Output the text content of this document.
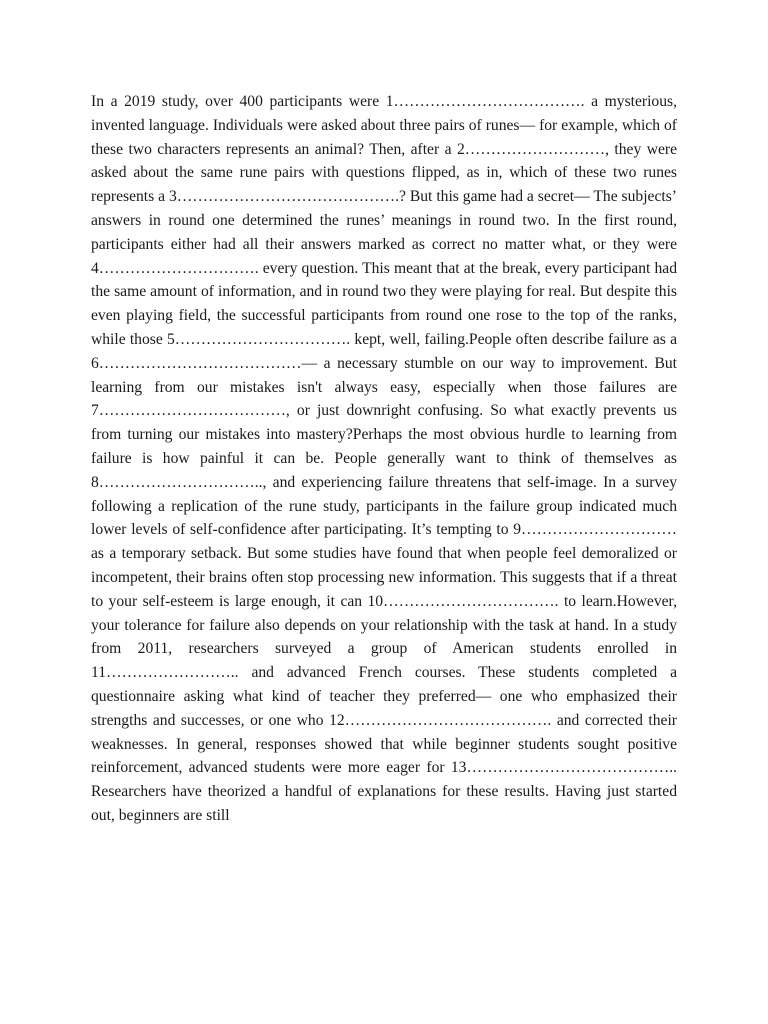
In a 2019 study, over 400 participants were 1………………………………. a mysterious, invented language. Individuals were asked about three pairs of runes— for example, which of these two characters represents an animal? Then, after a 2………………………, they were asked about the same rune pairs with questions flipped, as in, which of these two runes represents a 3…………………………………….? But this game had a secret— The subjects’ answers in round one determined the runes’ meanings in round two. In the first round, participants either had all their answers marked as correct no matter what, or they were 4…………………………. every question. This meant that at the break, every participant had the same amount of information, and in round two they were playing for real. But despite this even playing field, the successful participants from round one rose to the top of the ranks, while those 5……………………………. kept, well, failing.People often describe failure as a 6…………………………………— a necessary stumble on our way to improvement. But learning from our mistakes isn't always easy, especially when those failures are 7………………………………, or just downright confusing. So what exactly prevents us from turning our mistakes into mastery?Perhaps the most obvious hurdle to learning from failure is how painful it can be. People generally want to think of themselves as 8………………………….., and experiencing failure threatens that self-image. In a survey following a replication of the rune study, participants in the failure group indicated much lower levels of self-confidence after participating. It’s tempting to 9………………………… as a temporary setback. But some studies have found that when people feel demoralized or incompetent, their brains often stop processing new information. This suggests that if a threat to your self-esteem is large enough, it can 10……………………………. to learn.However, your tolerance for failure also depends on your relationship with the task at hand. In a study from 2011, researchers surveyed a group of American students enrolled in 11…………………….. and advanced French courses. These students completed a questionnaire asking what kind of teacher they preferred— one who emphasized their strengths and successes, or one who 12…………………………………. and corrected their weaknesses. In general, responses showed that while beginner students sought positive reinforcement, advanced students were more eager for 13………………………………….. Researchers have theorized a handful of explanations for these results. Having just started out, beginners are still
